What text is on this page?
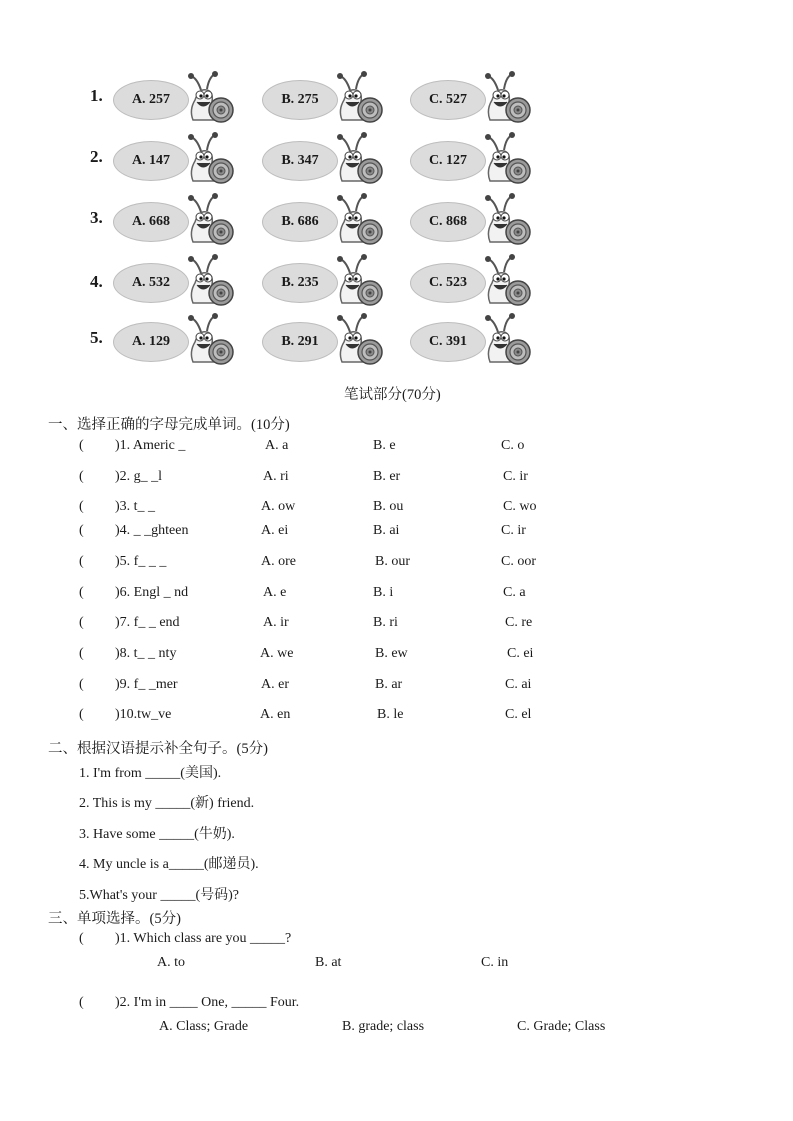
1.	A. 257	B. 275	C. 527
2.	A. 147	B. 347	C. 127
3.	A. 668	B. 686	C. 868
4.	A. 532	B. 235	C. 523
5.	A. 129	B. 291	C. 391
笔试部分(70分)
一、选择正确的字母完成单词。(10分)
( )1. Americ _	A. a	B. e	C. o
( )2. g_ _l	A. ri	B. er	C. ir
( )3. t_ _	A. ow	B. ou	C. wo
( )4. _ _ghteen	A. ei	B. ai	C. ir
( )5. f_ _ _	A. ore	B. our	C. oor
( )6. Engl _ nd	A. e	B. i	C. a
( )7. f_ _ end	A. ir	B. ri	C. re
( )8. t_ _ nty	A. we	B. ew	C. ei
( )9. f_ _mer	A. er	B. ar	C. ai
( )10.tw_ve	A. en	B. le	C. el
二、根据汉语提示补全句子。(5分)
1. I'm from _____(美国).
2. This is my _____(新) friend.
3. Have some _____(牛奶).
4. My uncle is a_____(邮递员).
5.What's your _____(号码)?
三、单项选择。(5分)
( )1. Which class are you _____?
A. to	B. at	C. in
( )2. I'm in ____ One, _____ Four.
A. Class; Grade	B. grade; class	C. Grade; Class
